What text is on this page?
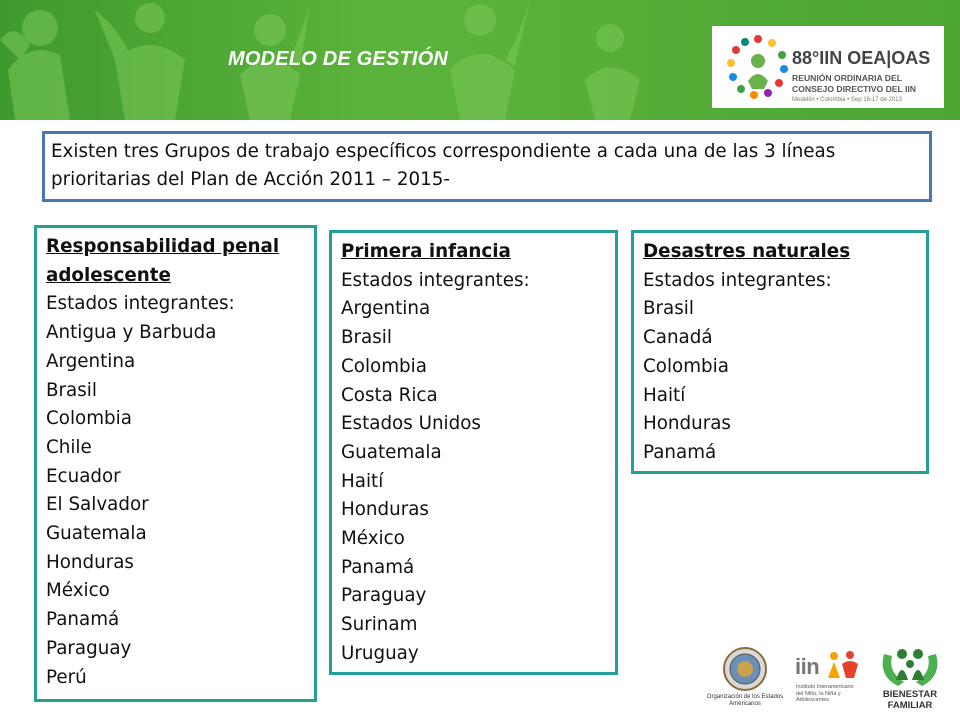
MODELO DE GESTIÓN	88°IIN OEA|OAS
REUNIÓN ORDINARIA DEL
CONSEJO DIRECTIVO DEL IIN
Medellín • Colombia • Sep 16-17 de 2013
Existen tres Grupos de trabajo específicos correspondiente a cada una de las 3 líneas prioritarias del Plan de Acción 2011 – 2015-
Responsabilidad penal adolescente
Estados integrantes:
Antigua y Barbuda
Argentina
Brasil
Colombia
Chile
Ecuador
El Salvador
Guatemala
Honduras
México
Panamá
Paraguay
Perú
Primera infancia
Estados integrantes:
Argentina
Brasil
Colombia
Costa Rica
Estados Unidos
Guatemala
Haití
Honduras
México
Panamá
Paraguay
Surinam
Uruguay
Desastres naturales
Estados integrantes:
Brasil
Canadá
Colombia
Haití
Honduras
Panamá
Organización de los Estados Americanos
iin
Instituto Interamericano del Niño, la Niña y Adolescentes	BIENESTAR FAMILIAR
